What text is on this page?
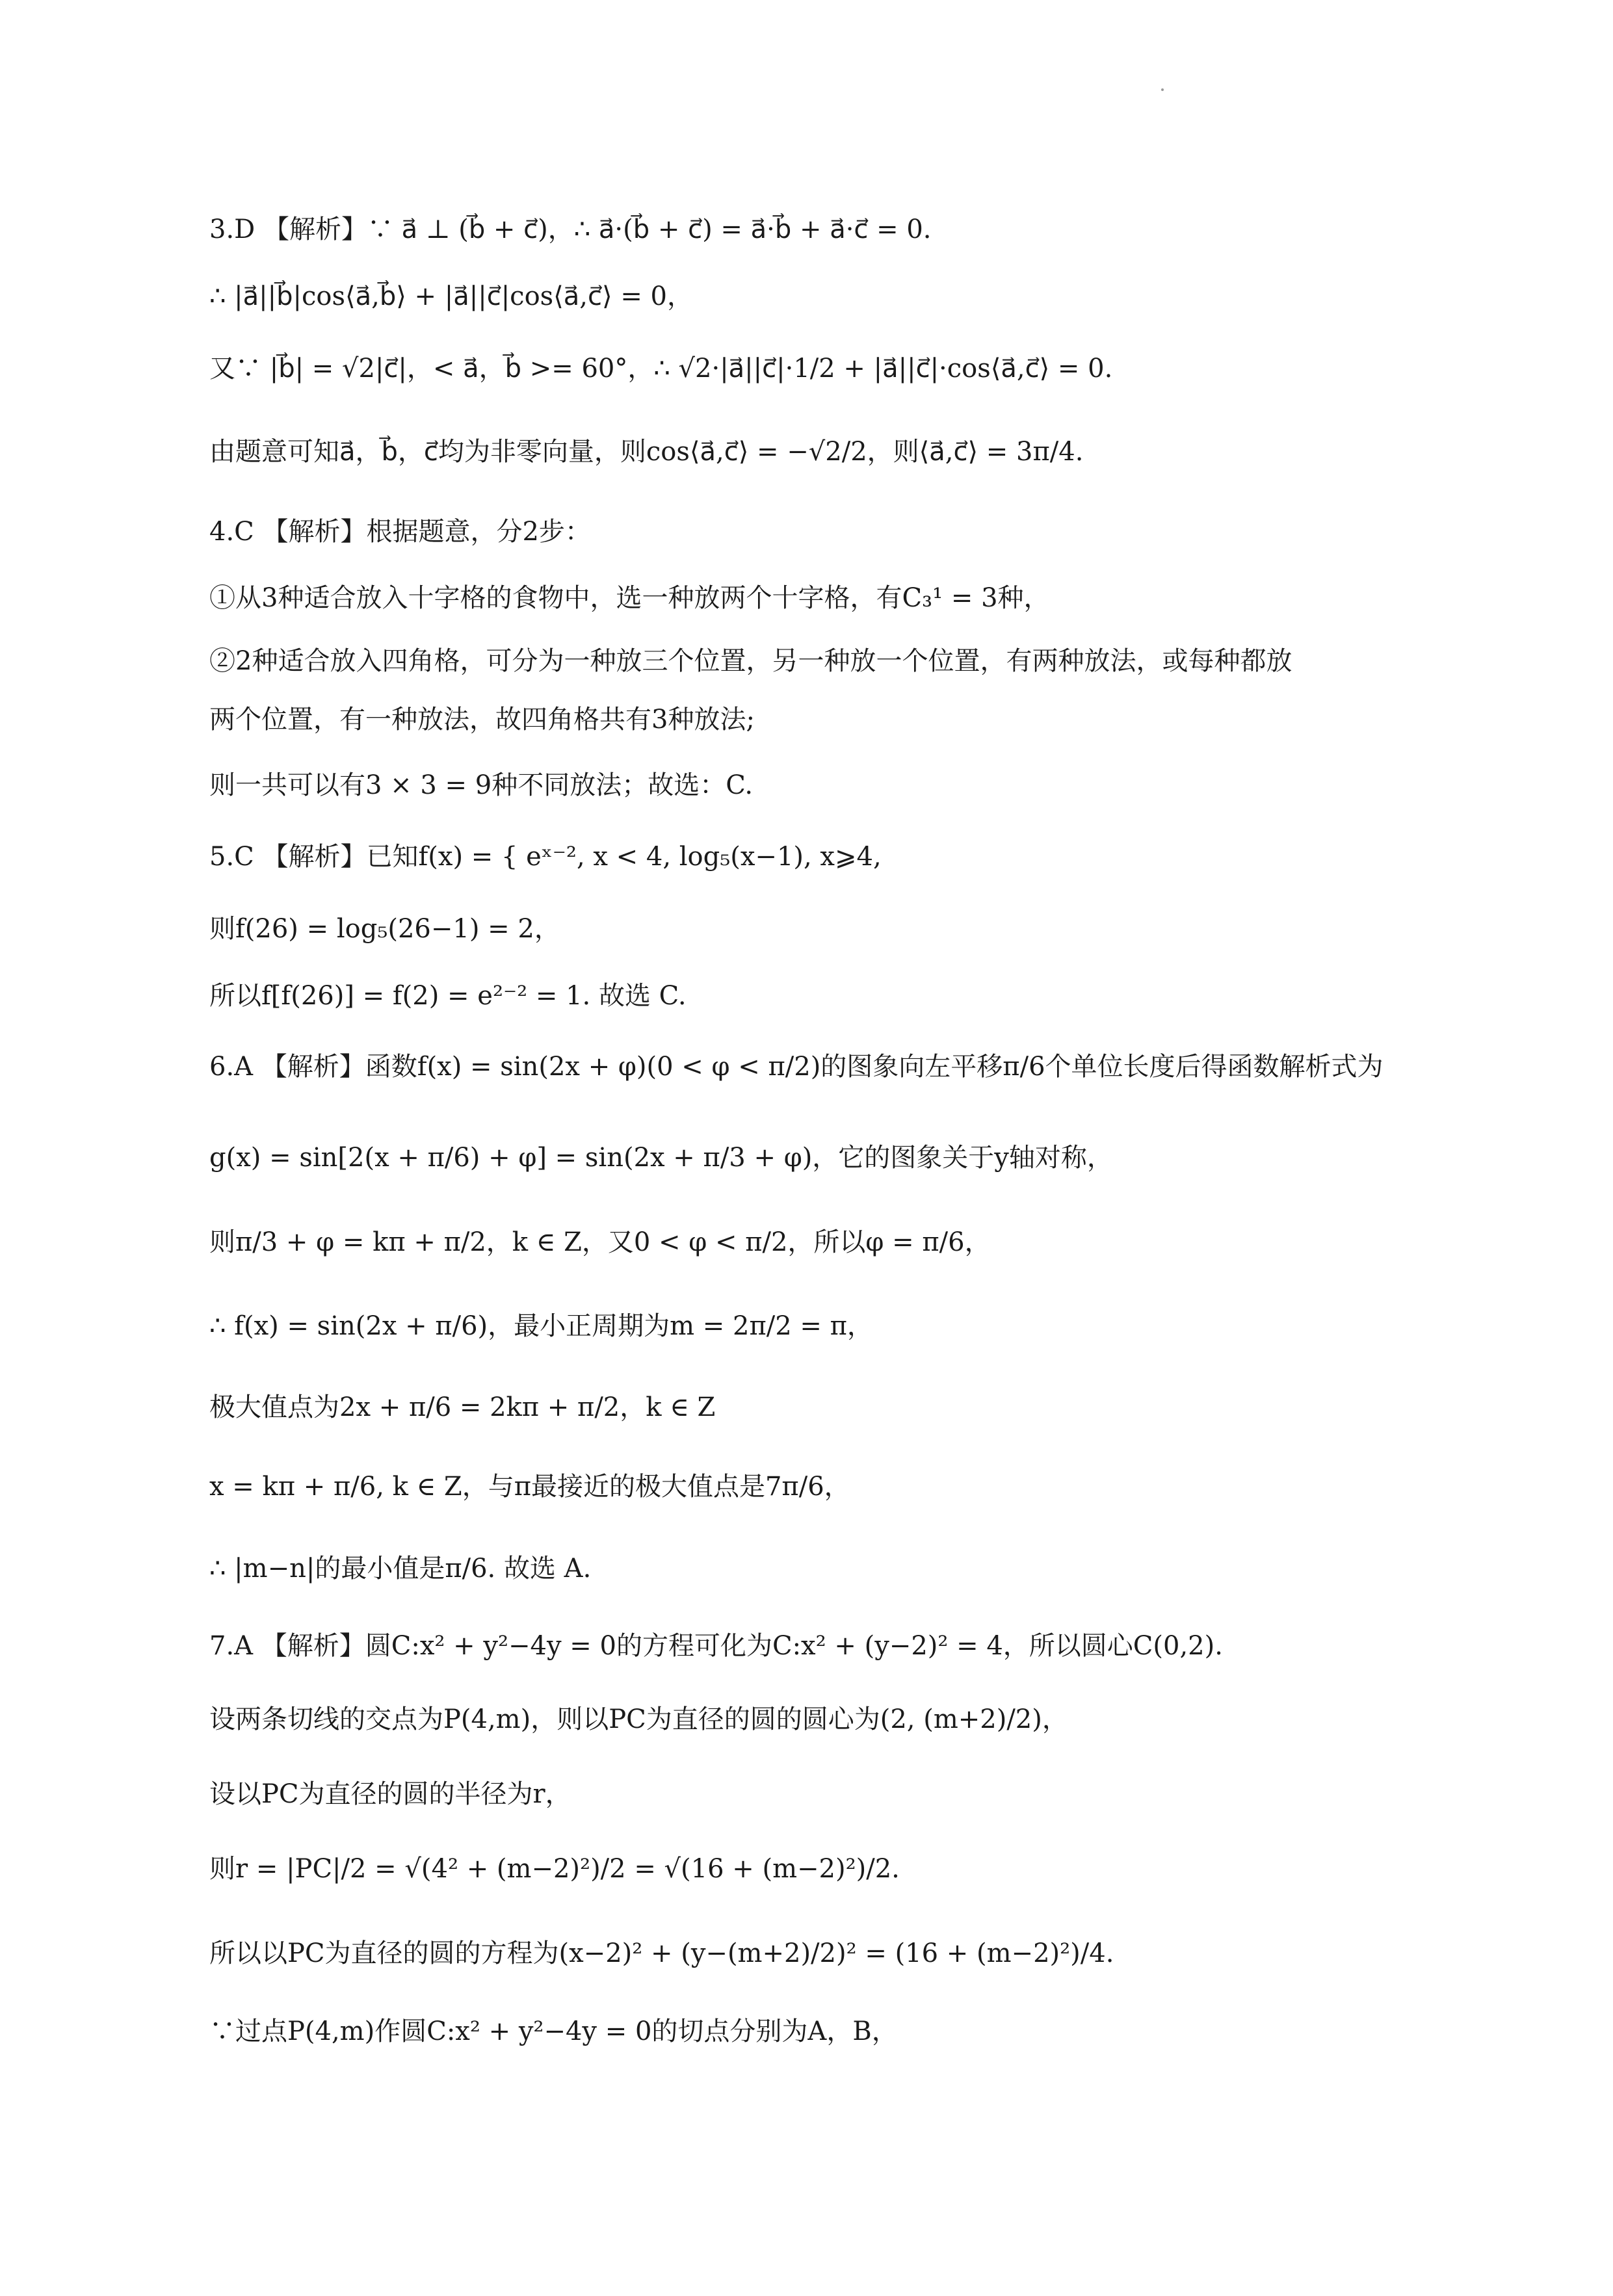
3.D 【解析】∵ a⃗ ⊥ (b⃗ + c⃗)，∴ a⃗·(b⃗ + c⃗) = a⃗·b⃗ + a⃗·c⃗ = 0.
∴ |a⃗||b⃗|cos⟨a⃗,b⃗⟩ + |a⃗||c⃗|cos⟨a⃗,c⃗⟩ = 0，
又∵ |b⃗| = √2|c⃗|，< a⃗，b⃗ >= 60°，∴ √2·|a⃗||c⃗|·1/2 + |a⃗||c⃗|·cos⟨a⃗,c⃗⟩ = 0.
由题意可知a⃗，b⃗，c⃗均为非零向量，则cos⟨a⃗,c⃗⟩ = −√2/2，则⟨a⃗,c⃗⟩ = 3π/4.
4.C 【解析】根据题意，分2步：
①从3种适合放入十字格的食物中，选一种放两个十字格，有C₃¹ = 3种，
②2种适合放入四角格，可分为一种放三个位置，另一种放一个位置，有两种放法，或每种都放
两个位置，有一种放法，故四角格共有3种放法;
则一共可以有3 × 3 = 9种不同放法；故选：C.
5.C 【解析】已知f(x) = { eˣ⁻², x < 4, log₅(x−1), x⩾4,
则f(26) = log₅(26−1) = 2，
所以f[f(26)] = f(2) = e²⁻² = 1. 故选 C.
6.A 【解析】函数f(x) = sin(2x + φ)(0 < φ < π/2)的图象向左平移π/6个单位长度后得函数解析式为
g(x) = sin[2(x + π/6) + φ] = sin(2x + π/3 + φ)，它的图象关于y轴对称，
则π/3 + φ = kπ + π/2，k ∈ Z，又0 < φ < π/2，所以φ = π/6，
∴ f(x) = sin(2x + π/6)，最小正周期为m = 2π/2 = π，
极大值点为2x + π/6 = 2kπ + π/2，k ∈ Z
x = kπ + π/6, k ∈ Z，与π最接近的极大值点是7π/6，
∴ |m−n|的最小值是π/6. 故选 A.
7.A 【解析】圆C:x² + y²−4y = 0的方程可化为C:x² + (y−2)² = 4，所以圆心C(0,2).
设两条切线的交点为P(4,m)，则以PC为直径的圆的圆心为(2, (m+2)/2)，
设以PC为直径的圆的半径为r，
则r = |PC|/2 = √(4² + (m−2)²)/2 = √(16 + (m−2)²)/2.
所以以PC为直径的圆的方程为(x−2)² + (y−(m+2)/2)² = (16 + (m−2)²)/4.
∵过点P(4,m)作圆C:x² + y²−4y = 0的切点分别为A，B，
